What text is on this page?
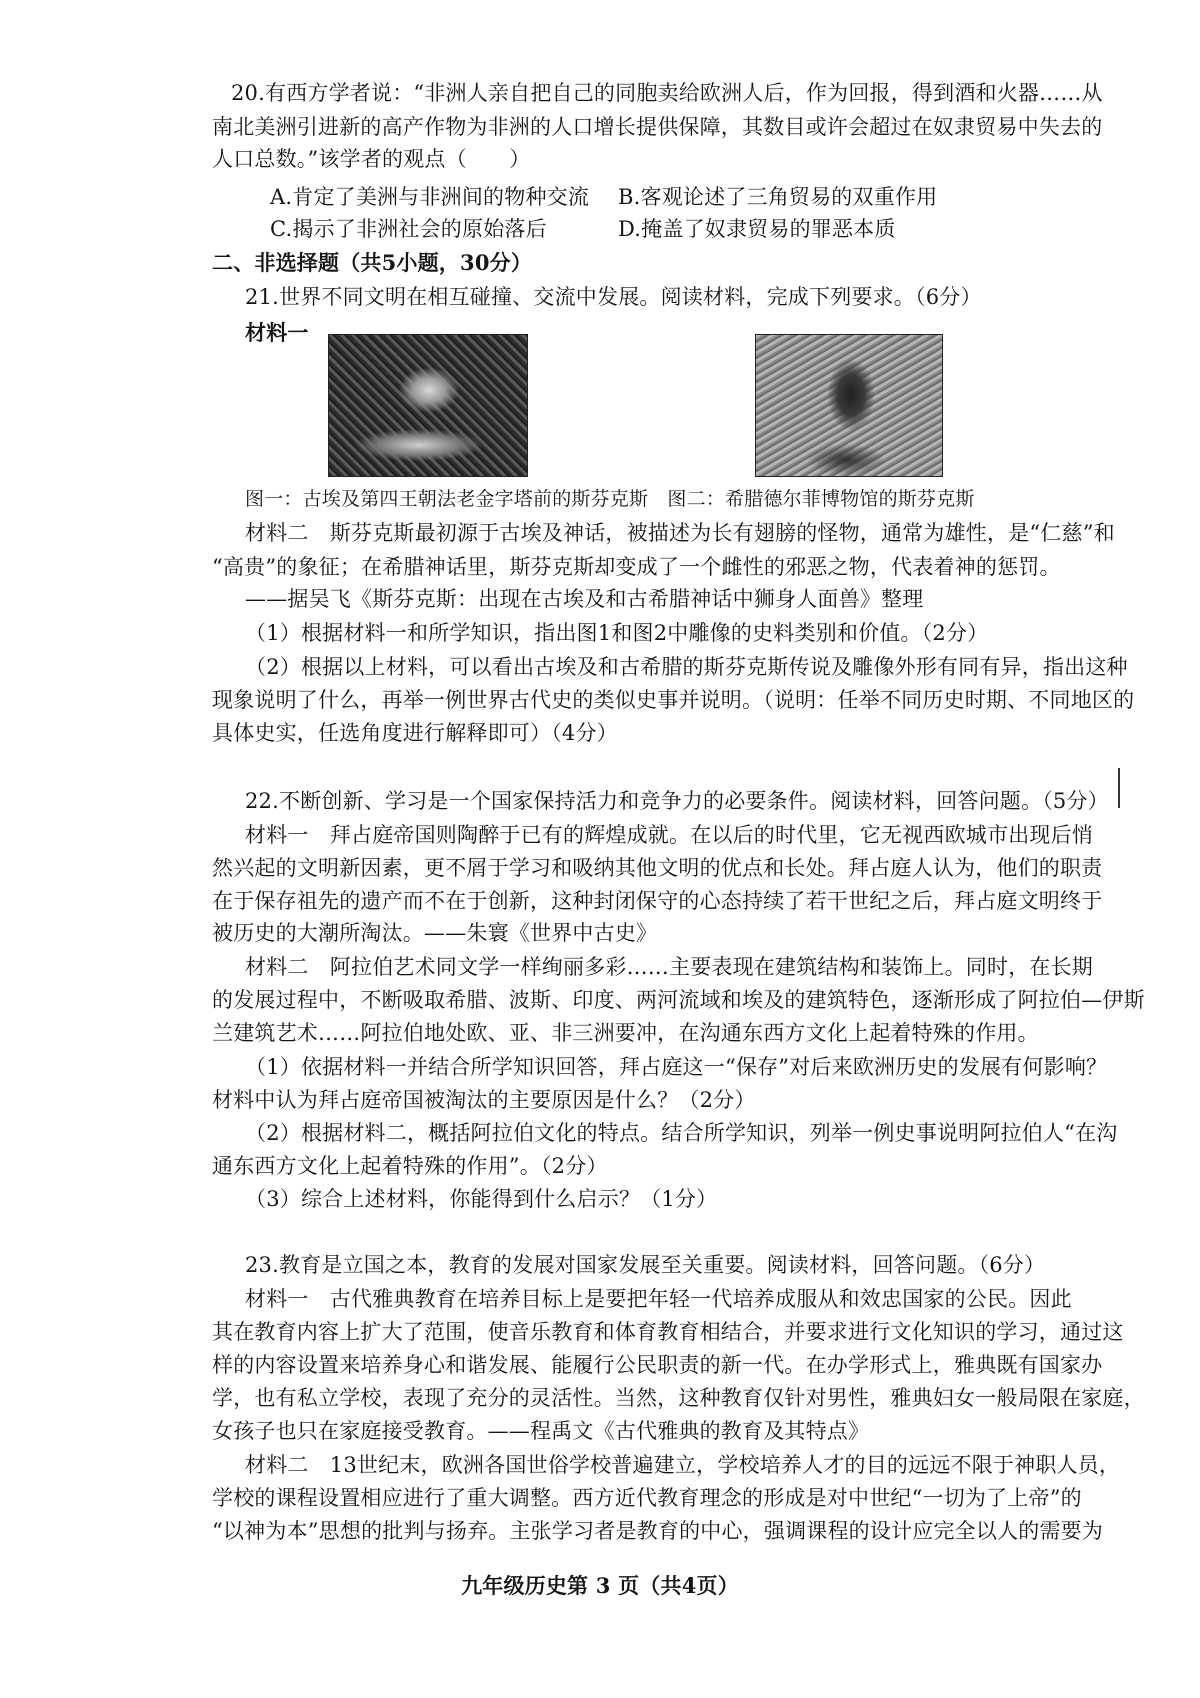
20.有西方学者说：“非洲人亲自把自己的同胞卖给欧洲人后，作为回报，得到酒和火器……从
南北美洲引进新的高产作物为非洲的人口增长提供保障，其数目或许会超过在奴隶贸易中失去的
人口总数。”该学者的观点（　　）
A.肯定了美洲与非洲间的物种交流 B.客观论述了三角贸易的双重作用
C.揭示了非洲社会的原始落后	D.掩盖了奴隶贸易的罪恶本质
二、非选择题（共5小题，30分）
21.世界不同文明在相互碰撞、交流中发展。阅读材料，完成下列要求。（6分）
材料一
图一：古埃及第四王朝法老金字塔前的斯芬克斯　图二：希腊德尔菲博物馆的斯芬克斯
材料二　斯芬克斯最初源于古埃及神话，被描述为长有翅膀的怪物，通常为雄性，是“仁慈”和
“高贵”的象征；在希腊神话里，斯芬克斯却变成了一个雌性的邪恶之物，代表着神的惩罚。
——据吴飞《斯芬克斯：出现在古埃及和古希腊神话中狮身人面兽》整理
（1）根据材料一和所学知识，指出图1和图2中雕像的史料类别和价值。（2分）
（2）根据以上材料，可以看出古埃及和古希腊的斯芬克斯传说及雕像外形有同有异，指出这种
现象说明了什么，再举一例世界古代史的类似史事并说明。（说明：任举不同历史时期、不同地区的
具体史实，任选角度进行解释即可）（4分）
22.不断创新、学习是一个国家保持活力和竞争力的必要条件。阅读材料，回答问题。（5分）
材料一　拜占庭帝国则陶醉于已有的辉煌成就。在以后的时代里，它无视西欧城市出现后悄
然兴起的文明新因素，更不屑于学习和吸纳其他文明的优点和长处。拜占庭人认为，他们的职责
在于保存祖先的遗产而不在于创新，这种封闭保守的心态持续了若干世纪之后，拜占庭文明终于
被历史的大潮所淘汰。——朱寰《世界中古史》
材料二　阿拉伯艺术同文学一样绚丽多彩……主要表现在建筑结构和装饰上。同时，在长期
的发展过程中，不断吸取希腊、波斯、印度、两河流域和埃及的建筑特色，逐渐形成了阿拉伯—伊斯
兰建筑艺术……阿拉伯地处欧、亚、非三洲要冲，在沟通东西方文化上起着特殊的作用。
（1）依据材料一并结合所学知识回答，拜占庭这一“保存”对后来欧洲历史的发展有何影响？
材料中认为拜占庭帝国被淘汰的主要原因是什么？（2分）
（2）根据材料二，概括阿拉伯文化的特点。结合所学知识，列举一例史事说明阿拉伯人“在沟
通东西方文化上起着特殊的作用”。（2分）
（3）综合上述材料，你能得到什么启示？（1分）
23.教育是立国之本，教育的发展对国家发展至关重要。阅读材料，回答问题。（6分）
材料一　古代雅典教育在培养目标上是要把年轻一代培养成服从和效忠国家的公民。因此
其在教育内容上扩大了范围，使音乐教育和体育教育相结合，并要求进行文化知识的学习，通过这
样的内容设置来培养身心和谐发展、能履行公民职责的新一代。在办学形式上，雅典既有国家办
学，也有私立学校，表现了充分的灵活性。当然，这种教育仅针对男性，雅典妇女一般局限在家庭，
女孩子也只在家庭接受教育。——程禹文《古代雅典的教育及其特点》
材料二　13世纪末，欧洲各国世俗学校普遍建立，学校培养人才的目的远远不限于神职人员，
学校的课程设置相应进行了重大调整。西方近代教育理念的形成是对中世纪“一切为了上帝”的
“以神为本”思想的批判与扬弃。主张学习者是教育的中心，强调课程的设计应完全以人的需要为
九年级历史第 3 页（共4页）
